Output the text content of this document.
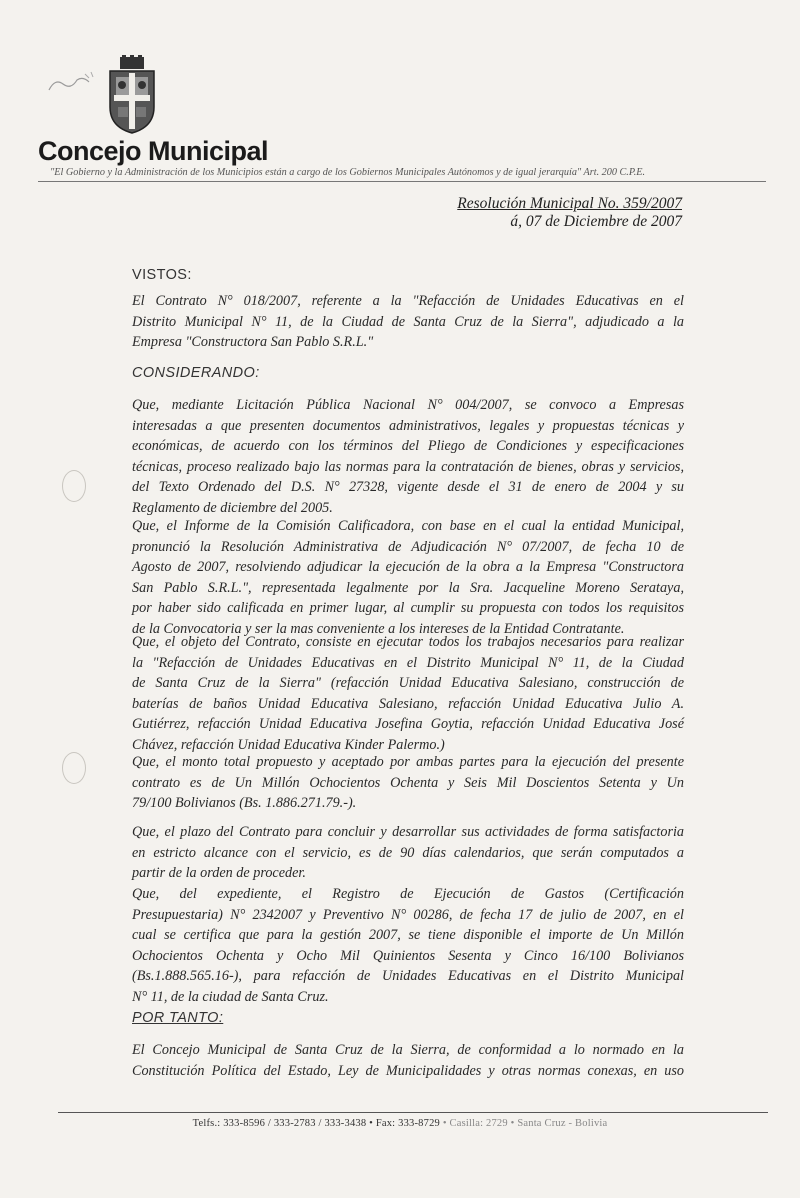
Concejo Municipal
"El Gobierno y la Administración de los Municipios están a cargo de los Gobiernos Municipales Autónomos y de igual jerarquía" Art. 200 C.P.E.
Resolución Municipal No. 359/2007
á, 07 de Diciembre de 2007
VISTOS:
El Contrato N° 018/2007, referente a la "Refacción de Unidades Educativas en el
Distrito Municipal N° 11, de la Ciudad de Santa Cruz de la Sierra", adjudicado a la
Empresa "Constructora San Pablo S.R.L."
CONSIDERANDO:
Que, mediante Licitación Pública Nacional N° 004/2007, se convoco a Empresas
interesadas a que presenten documentos administrativos, legales y propuestas técnicas y
económicas, de acuerdo con los términos del Pliego de Condiciones y especificaciones
técnicas, proceso realizado bajo las normas para la contratación de bienes, obras y servicios,
del Texto Ordenado del D.S. N° 27328, vigente desde el 31 de enero de 2004 y su
Reglamento de diciembre del 2005.
Que, el Informe de la Comisión Calificadora, con base en el cual la entidad Municipal,
pronunció la Resolución Administrativa de Adjudicación N° 07/2007, de fecha 10 de
Agosto de 2007, resolviendo adjudicar la ejecución de la obra a la Empresa "Constructora
San Pablo S.R.L.", representada legalmente por la Sra. Jacqueline Moreno Serataya,
por haber sido calificada en primer lugar, al cumplir su propuesta con todos los requisitos
de la Convocatoria y ser la mas conveniente a los intereses de la Entidad Contratante.
Que, el objeto del Contrato, consiste en ejecutar todos los trabajos necesarios para realizar
la "Refacción de Unidades Educativas en el Distrito Municipal N° 11, de la Ciudad
de Santa Cruz de la Sierra" (refacción Unidad Educativa Salesiano, construcción de
baterías de baños Unidad Educativa Salesiano, refacción Unidad Educativa Julio A.
Gutiérrez, refacción Unidad Educativa Josefina Goytia, refacción Unidad Educativa José
Chávez, refacción Unidad Educativa Kinder Palermo.)
Que, el monto total propuesto y aceptado por ambas partes para la ejecución del presente
contrato es de Un Millón Ochocientos Ochenta y Seis Mil Doscientos Setenta y Un
79/100 Bolivianos (Bs. 1.886.271.79.-).
Que, el plazo del Contrato para concluir y desarrollar sus actividades de forma satisfactoria
en estricto alcance con el servicio, es de 90 días calendarios, que serán computados a
partir de la orden de proceder.
Que, del expediente, el Registro de Ejecución de Gastos (Certificación
Presupuestaria) N° 2342007 y Preventivo N° 00286, de fecha 17 de julio de 2007, en el
cual se certifica que para la gestión 2007, se tiene disponible el importe de Un Millón
Ochocientos Ochenta y Ocho Mil Quinientos Sesenta y Cinco 16/100 Bolivianos
(Bs.1.888.565.16-), para refacción de Unidades Educativas en el Distrito Municipal
N° 11, de la ciudad de Santa Cruz.
POR TANTO:
El Concejo Municipal de Santa Cruz de la Sierra, de conformidad a lo normado en la
Constitución Política del Estado, Ley de Municipalidades y otras normas conexas, en uso
Telfs.: 333-8596 / 333-2783 / 333-3438 • Fax: 333-8729 • Casilla: 2729 • Santa Cruz - Bolivia
